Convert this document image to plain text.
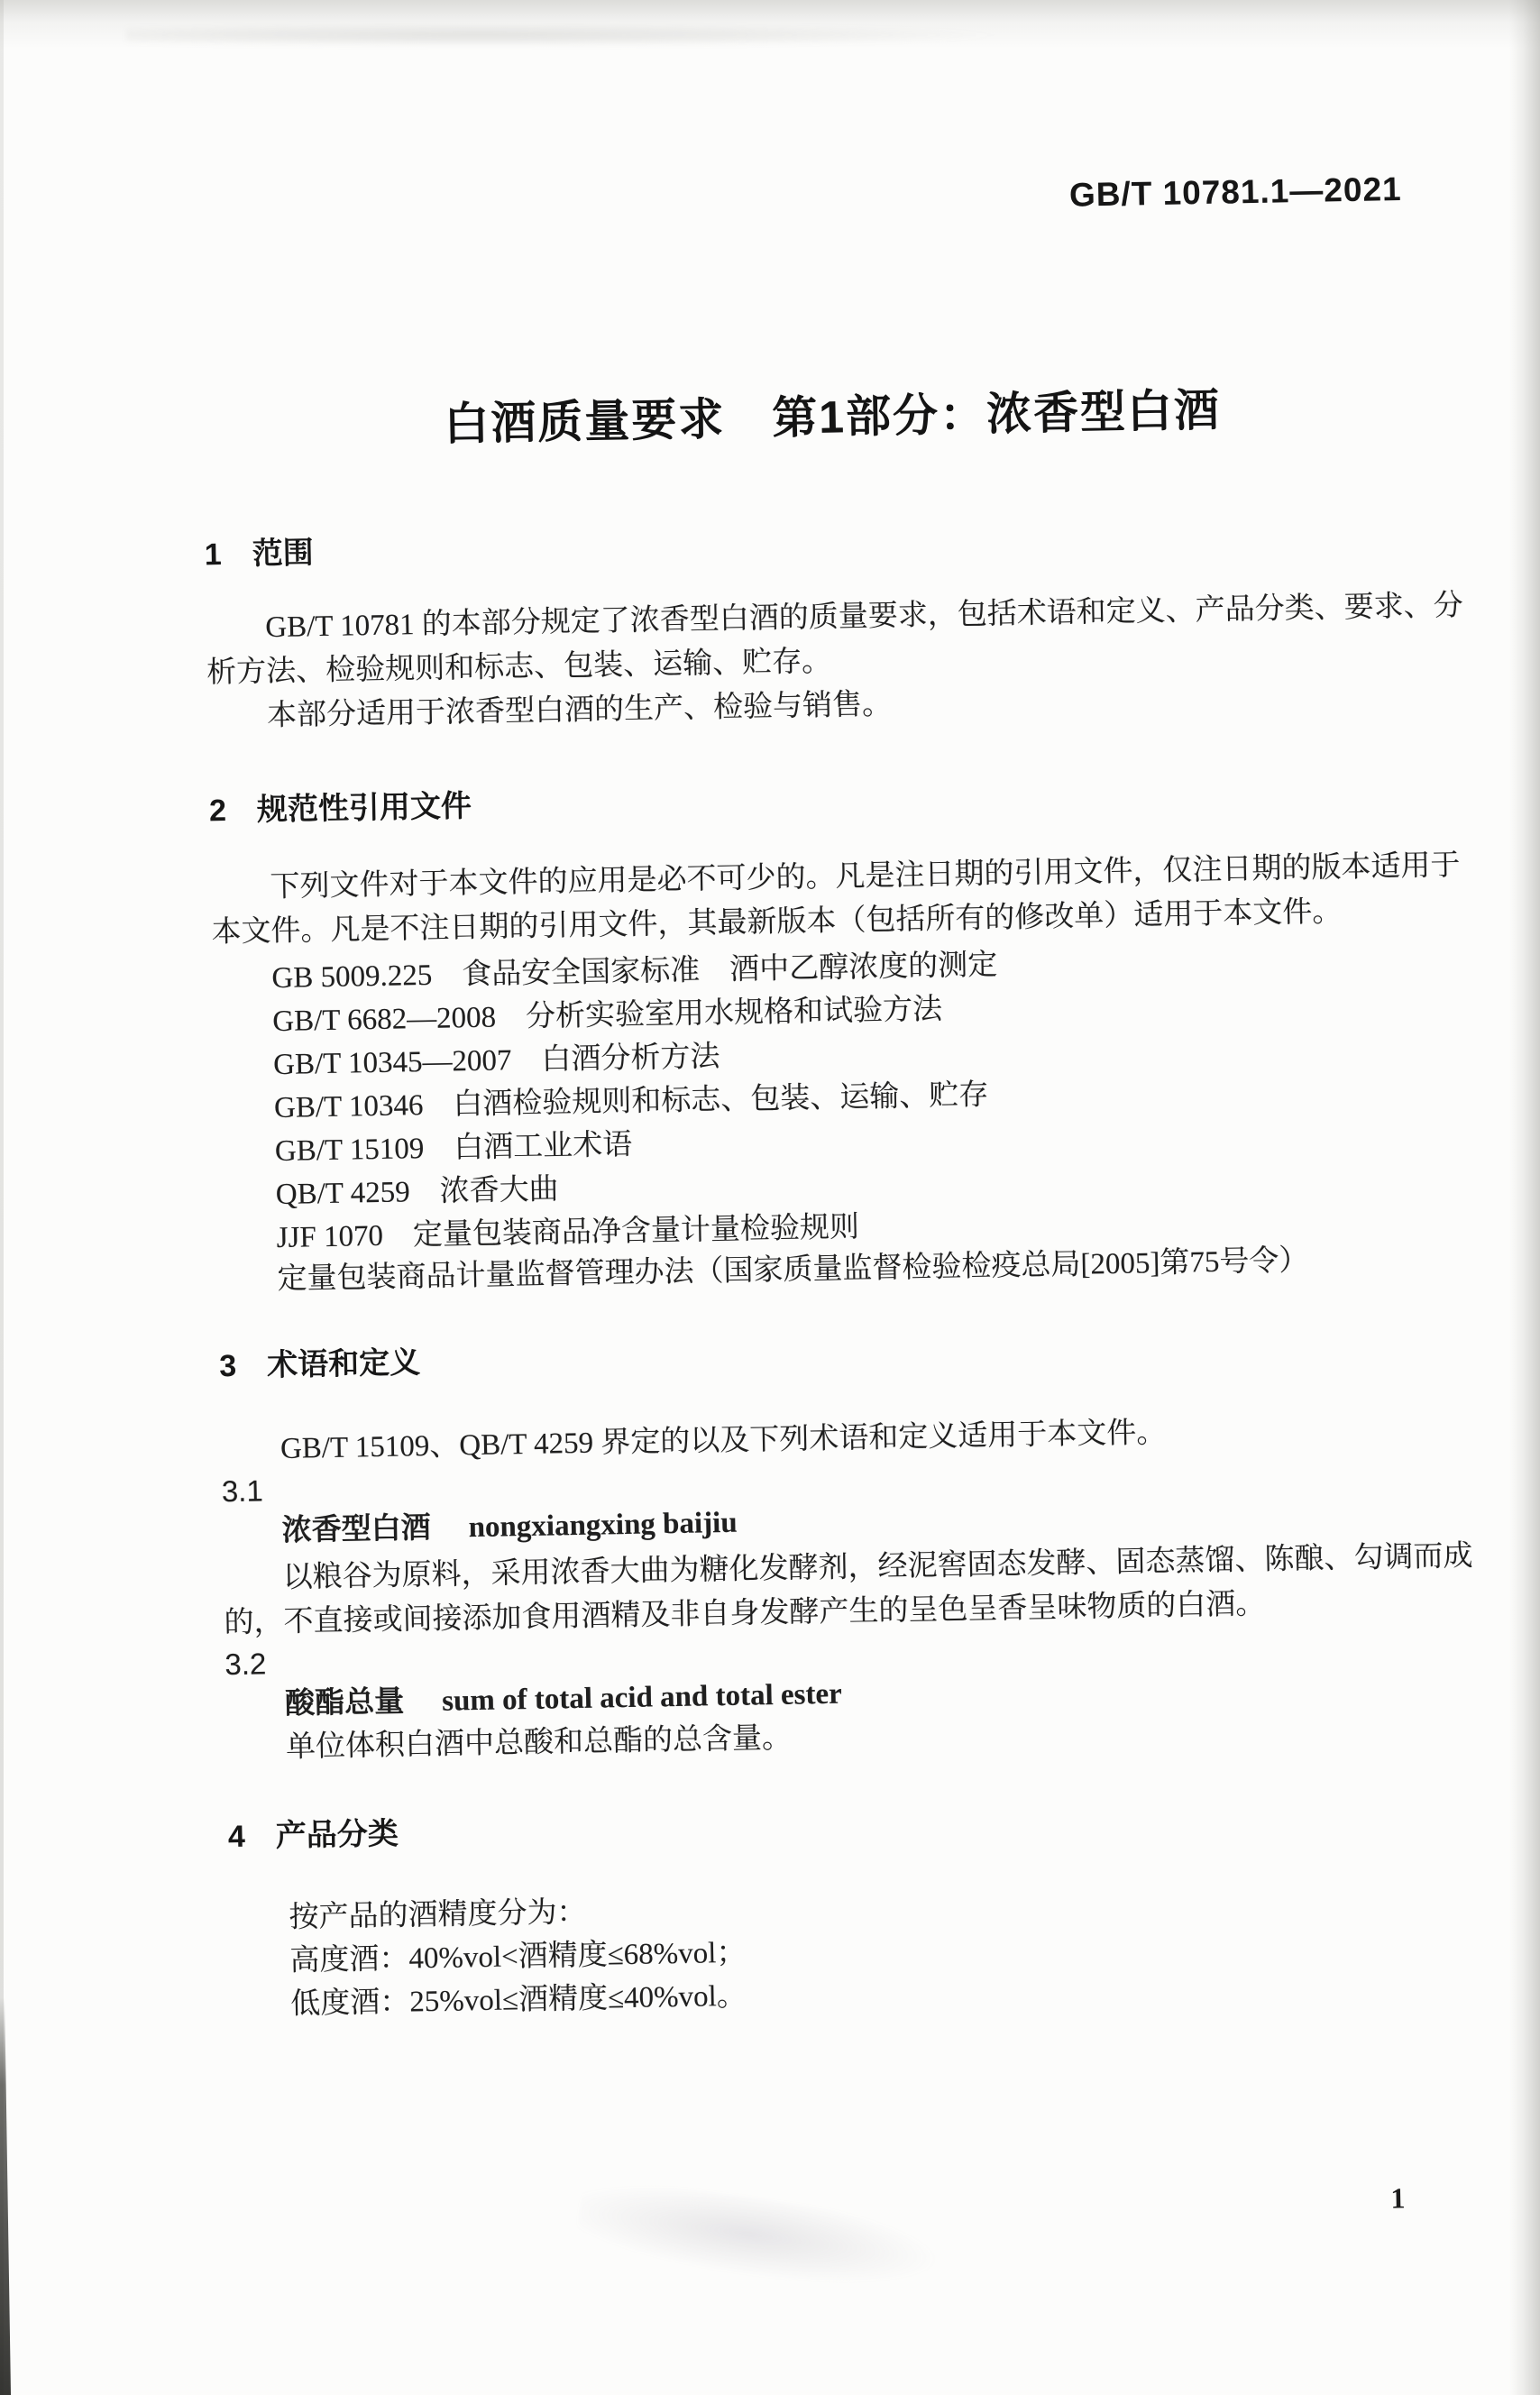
GB/T 10781.1—2021
白酒质量要求　第1部分：浓香型白酒
1　范围

GB/T 10781 的本部分规定了浓香型白酒的质量要求，包括术语和定义、产品分类、要求、分析方法、检验规则和标志、包装、运输、贮存。

本部分适用于浓香型白酒的生产、检验与销售。

2　规范性引用文件

下列文件对于本文件的应用是必不可少的。凡是注日期的引用文件，仅注日期的版本适用于本文件。凡是不注日期的引用文件，其最新版本（包括所有的修改单）适用于本文件。

GB 5009.225　食品安全国家标准　酒中乙醇浓度的测定

GB/T 6682—2008　分析实验室用水规格和试验方法

GB/T 10345—2007　白酒分析方法

GB/T 10346　白酒检验规则和标志、包装、运输、贮存

GB/T 15109　白酒工业术语

QB/T 4259　浓香大曲

JJF 1070　定量包装商品净含量计量检验规则

定量包装商品计量监督管理办法（国家质量监督检验检疫总局[2005]第75号令）

3　术语和定义

GB/T 15109、QB/T 4259 界定的以及下列术语和定义适用于本文件。

3.1

浓香型白酒 nongxiangxing baijiu

以粮谷为原料，采用浓香大曲为糖化发酵剂，经泥窖固态发酵、固态蒸馏、陈酿、勾调而成的，不直接或间接添加食用酒精及非自身发酵产生的呈色呈香呈味物质的白酒。

3.2

酸酯总量 sum of total acid and total ester

单位体积白酒中总酸和总酯的总含量。

4　产品分类

按产品的酒精度分为：

高度酒：40%vol<酒精度≤68%vol；

低度酒：25%vol≤酒精度≤40%vol。

1
